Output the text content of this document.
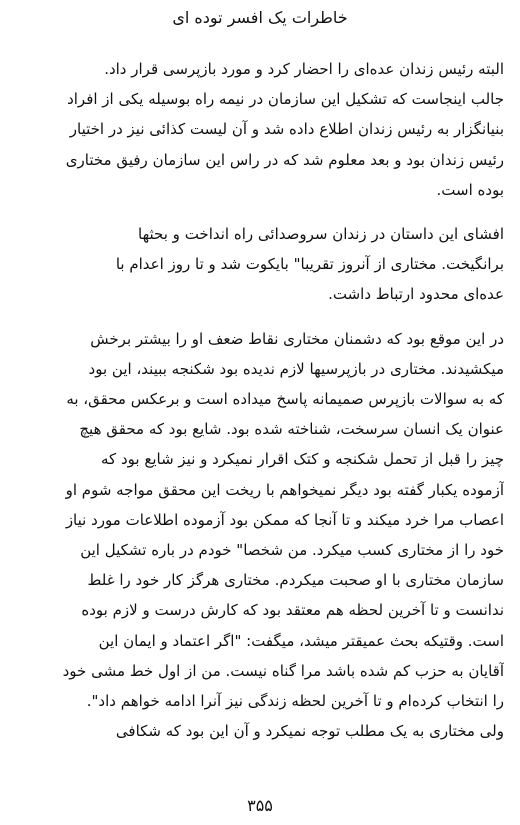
خاطرات یک افسر توده ای

البته رئیس زندان عده‌ای را احضار کرد و مورد بازپرسی قرار داد.
جالب اینجاست که تشکیل این سازمان در نیمه راه بوسیله یکی از افراد
بنیانگزار به رئیس زندان اطلاع داده شد و آن لیست کذائی نیز در اختیار
رئیس زندان بود و بعد معلوم شد که در راس این سازمان رفیق مختاری
بوده است.

افشای این داستان در زندان سروصدائی راه انداخت و بحثها
برانگیخت. مختاری از آنروز تقریبا" بایکوت شد و تا روز اعدام با
عده‌ای محدود ارتباط داشت.

در این موقع بود که دشمنان مختاری نقاط ضعف او را بیشتر برخش
میکشیدند. مختاری در بازپرسیها لازم ندیده بود شکنجه ببیند، این بود
که به سوالات بازپرس صمیمانه پاسخ میداده است و برعکس محقق، به
عنوان یک انسان سرسخت، شناخته شده بود. شایع بود که محقق هیچ
چیز را قبل از تحمل شکنجه و کتک اقرار نمیکرد و نیز شایع بود که
آزموده یکبار گفته بود دیگر نمیخواهم با ریخت این محقق مواجه شوم او
اعصاب مرا خرد میکند و تا آنجا که ممکن بود آزموده اطلاعات مورد نیاز
خود را از مختاری کسب میکرد. من شخصا" خودم در باره تشکیل این
سازمان مختاری با او صحبت میکردم. مختاری هرگز کار خود را غلط
ندانست و تا آخرین لحظه هم معتقد بود که کارش درست و لازم بوده
است. وقتیکه بحث عمیقتر میشد، میگفت: "اگر اعتماد و ایمان این
آقایان به حزب کم شده باشد مرا گناه نیست. من از اول خط مشی خود
را انتخاب کرده‌ام و تا آخرین لحظه زندگی نیز آنرا ادامه خواهم داد".
ولی مختاری به یک مطلب توجه نمیکرد و آن این بود که شکافی

۳۵۵
